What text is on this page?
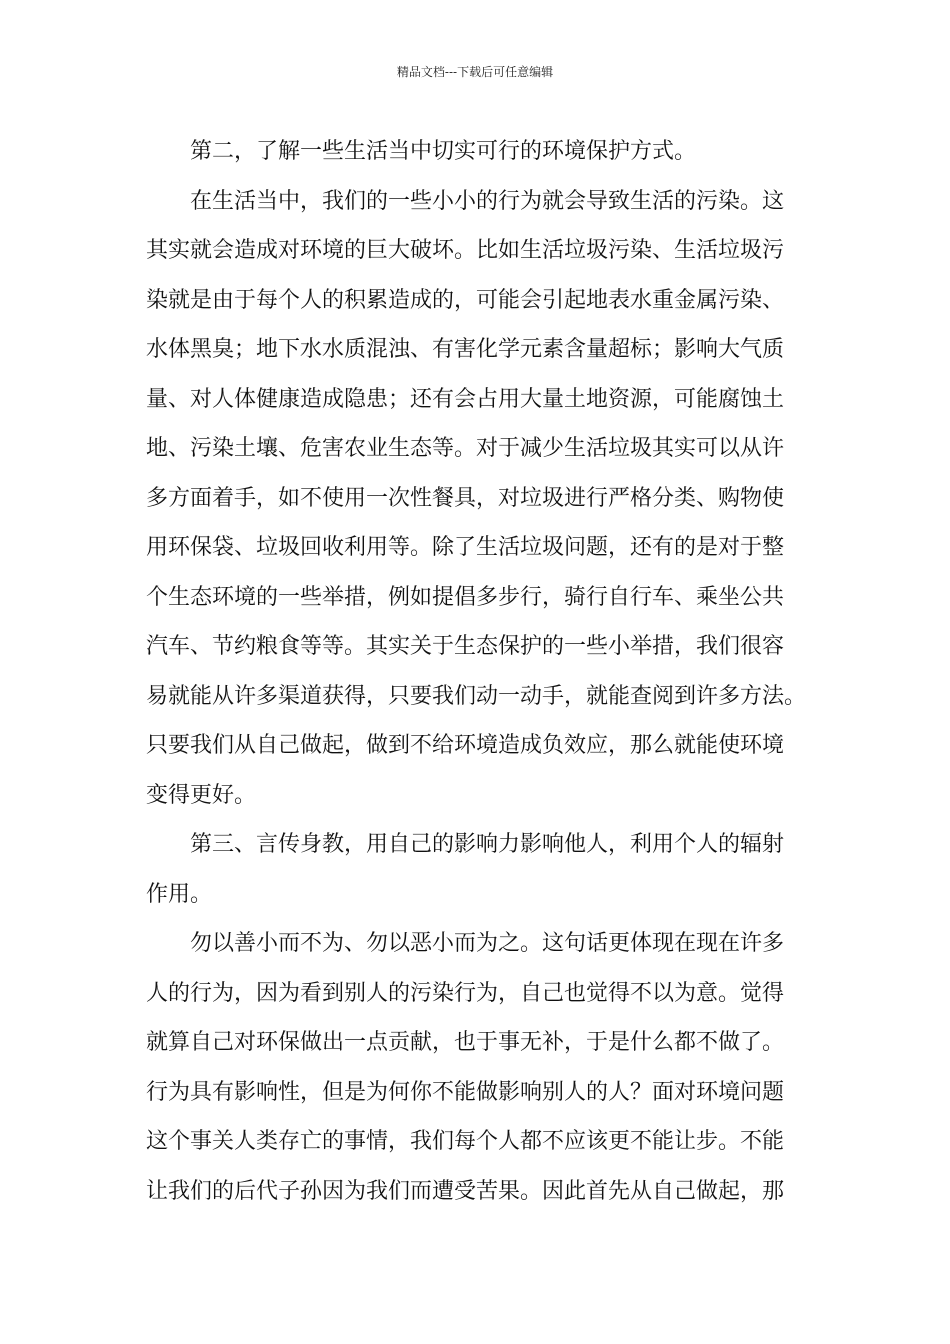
精品文档---下载后可任意编辑
第二，了解一些生活当中切实可行的环境保护方式。
在生活当中，我们的一些小小的行为就会导致生活的污染。这
其实就会造成对环境的巨大破坏。比如生活垃圾污染、生活垃圾污
染就是由于每个人的积累造成的，可能会引起地表水重金属污染、
水体黑臭；地下水水质混浊、有害化学元素含量超标；影响大气质
量、对人体健康造成隐患；还有会占用大量土地资源，可能腐蚀土
地、污染土壤、危害农业生态等。对于减少生活垃圾其实可以从许
多方面着手，如不使用一次性餐具，对垃圾进行严格分类、购物使
用环保袋、垃圾回收利用等。除了生活垃圾问题，还有的是对于整
个生态环境的一些举措，例如提倡多步行，骑行自行车、乘坐公共
汽车、节约粮食等等。其实关于生态保护的一些小举措，我们很容
易就能从许多渠道获得，只要我们动一动手，就能查阅到许多方法。
只要我们从自己做起，做到不给环境造成负效应，那么就能使环境
变得更好。
第三、言传身教，用自己的影响力影响他人，利用个人的辐射
作用。
勿以善小而不为、勿以恶小而为之。这句话更体现在现在许多
人的行为，因为看到别人的污染行为，自己也觉得不以为意。觉得
就算自己对环保做出一点贡献，也于事无补，于是什么都不做了。
行为具有影响性，但是为何你不能做影响别人的人？面对环境问题
这个事关人类存亡的事情，我们每个人都不应该更不能让步。不能
让我们的后代子孙因为我们而遭受苦果。因此首先从自己做起，那
